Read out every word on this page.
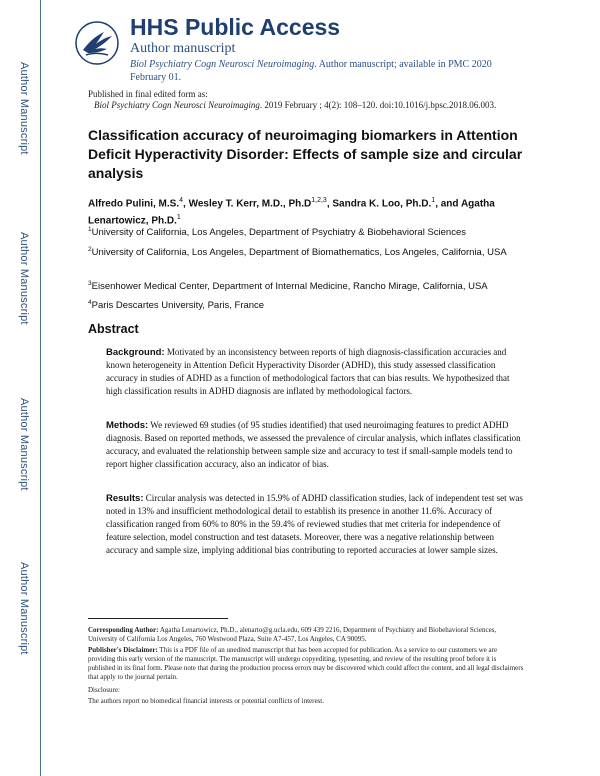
Author Manuscript
Author Manuscript
Author Manuscript
Author Manuscript
HHS Public Access
Author manuscript
Biol Psychiatry Cogn Neurosci Neuroimaging. Author manuscript; available in PMC 2020 February 01.
Published in final edited form as:
Biol Psychiatry Cogn Neurosci Neuroimaging. 2019 February ; 4(2): 108–120. doi:10.1016/j.bpsc.2018.06.003.
Classification accuracy of neuroimaging biomarkers in Attention Deficit Hyperactivity Disorder: Effects of sample size and circular analysis
Alfredo Pulini, M.S.$^4$, Wesley T. Kerr, M.D., $Ph.D^{1,2,3}$, Sandra K. Loo, Ph.D.$^1$, and Agatha Lenartowicz, Ph.D.$^1$
$^1$University of California, Los Angeles, Department of Psychiatry & Biobehavioral Sciences
$^2$University of California, Los Angeles, Department of Biomathematics, Los Angeles, California, USA
$^3$Eisenhower Medical Center, Department of Internal Medicine, Rancho Mirage, California, USA
$^4$Paris Descartes University, Paris, France
Abstract
Background: Motivated by an inconsistency between reports of high diagnosis-classification accuracies and known heterogeneity in Attention Deficit Hyperactivity Disorder (ADHD), this study assessed classification accuracy in studies of ADHD as a function of methodological factors that can bias results. We hypothesized that high classification results in ADHD diagnosis are inflated by methodological factors.
Methods: We reviewed 69 studies (of 95 studies identified) that used neuroimaging features to predict ADHD diagnosis. Based on reported methods, we assessed the prevalence of circular analysis, which inflates classification accuracy, and evaluated the relationship between sample size and accuracy to test if small-sample models tend to report higher classification accuracy, also an indicator of bias.
Results: Circular analysis was detected in 15.9% of ADHD classification studies, lack of independent test set was noted in 13% and insufficient methodological detail to establish its presence in another 11.6%. Accuracy of classification ranged from 60% to 80% in the 59.4% of reviewed studies that met criteria for independence of feature selection, model construction and test datasets. Moreover, there was a negative relationship between accuracy and sample size, implying additional bias contributing to reported accuracies at lower sample sizes.
Corresponding Author: Agatha Lenartowicz, Ph.D., alenarto@g.ucla.edu, 609 439 2216, Department of Psychiatry and Biobehavioral Sciences, University of California Los Angeles, 760 Westwood Plaza, Suite A7-457, Los Angeles, CA 90095.
Publisher's Disclaimer: This is a PDF file of an unedited manuscript that has been accepted for publication. As a service to our customers we are providing this early version of the manuscript. The manuscript will undergo copyediting, typesetting, and review of the resulting proof before it is published in its final form. Please note that during the production process errors may be discovered which could affect the content, and all legal disclaimers that apply to the journal pertain.
Disclosure:
The authors report no biomedical financial interests or potential conflicts of interest.
